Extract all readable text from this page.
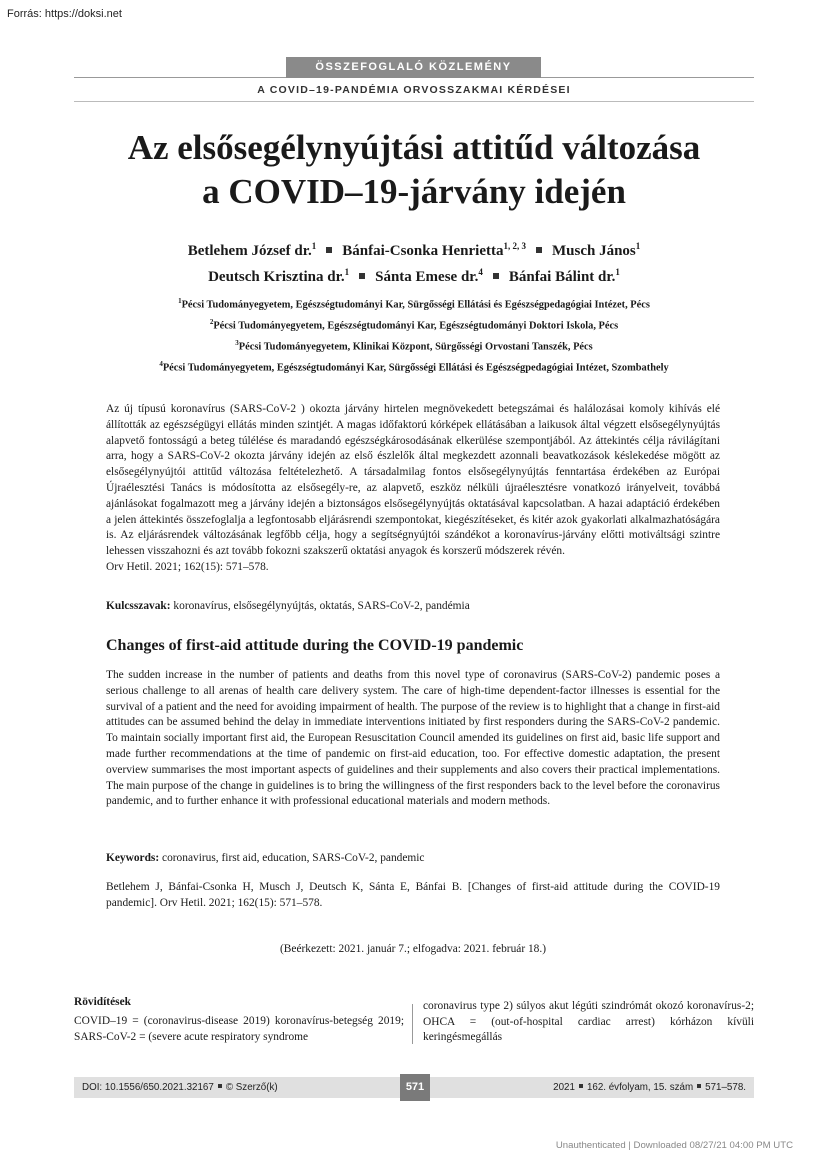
Forrás: https://doksi.net
ÖSSZEFOGLALÓ KÖZLEMÉNY
A COVID–19-PANDÉMIA ORVOSSZAKMAI KÉRDÉSEI
Az elsősegélynyújtási attitűd változása
a COVID–19-járvány idején
Betlehem József dr.$^1$ Bánfai-Csonka Henrietta$^{1, 2, 3}$ Musch János$^1$
Deutsch Krisztina dr.$^1$ Sánta Emese dr.$^4$ Bánfai Bálint dr.$^1$
$^1$Pécsi Tudományegyetem, Egészségtudományi Kar, Sürgősségi Ellátási és Egészségpedagógiai Intézet, Pécs
$^2$Pécsi Tudományegyetem, Egészségtudományi Kar, Egészségtudományi Doktori Iskola, Pécs
$^3$Pécsi Tudományegyetem, Klinikai Központ, Sürgősségi Orvostani Tanszék, Pécs
$^4$Pécsi Tudományegyetem, Egészségtudományi Kar, Sürgősségi Ellátási és Egészségpedagógiai Intézet, Szombathely

Az új típusú koronavírus (SARS-CoV-2 ) okozta járvány hirtelen megnövekedett betegszámai és halálozásai komoly kihívás elé állították az egészségügyi ellátás minden szintjét. A magas időfaktorú kórképek ellátásában a laikusok által végzett elsősegélynyújtás alapvető fontosságú a beteg túlélése és maradandó egészségkárosodásának elkerülése szempontjából. Az áttekintés célja rávilágítani arra, hogy a SARS-CoV-2 okozta járvány idején az első észlelők által megkezdett azonnali beavatkozások késlekedése mögött az elsősegélynyújtói attitűd változása feltételezhető. A társadalmilag fontos elsősegélynyújtás fenntartása érdekében az Európai Újraélesztési Tanács is módosította az elsősegély-re, az alapvető, eszköz nélküli újraélesztésre vonatkozó irányelveit, továbbá ajánlásokat fogalmazott meg a járvány idején a biztonságos elsősegélynyújtás oktatásával kapcsolatban. A hazai adaptáció érdekében a jelen áttekintés összefoglalja a legfontosabb eljárásrendi szempontokat, kiegészítéseket, és kitér azok gyakorlati alkalmazhatóságára is. Az eljárásrendek változásának legfőbb célja, hogy a segítségnyújtói szándékot a koronavírus-járvány előtti motiváltsági szintre lehessen visszahozni és azt tovább fokozni szakszerű oktatási anyagok és korszerű módszerek révén.

Orv Hetil. 2021; 162(15): 571–578.

Kulcsszavak: koronavírus, elsősegélynyújtás, oktatás, SARS-CoV-2, pandémia
Changes of first-aid attitude during the COVID-19 pandemic
The sudden increase in the number of patients and deaths from this novel type of coronavirus (SARS-CoV-2) pandemic poses a serious challenge to all arenas of health care delivery system. The care of high-time dependent-factor illnesses is essential for the survival of a patient and the need for avoiding impairment of health. The purpose of the review is to highlight that a change in first-aid attitudes can be assumed behind the delay in immediate interventions initiated by first responders during the SARS-CoV-2 pandemic. To maintain socially important first aid, the European Resuscitation Council amended its guidelines on first aid, basic life support and made further recommendations at the time of pandemic on first-aid education, too. For effective domestic adaptation, the present overview summarises the most important aspects of guidelines and their supplements and also covers their practical implementations. The main purpose of the change in guidelines is to bring the willingness of the first responders back to the level before the coronavirus pandemic, and to further enhance it with professional educational materials and modern methods.
Keywords: coronavirus, first aid, education, SARS-CoV-2, pandemic
Betlehem J, Bánfai-Csonka H, Musch J, Deutsch K, Sánta E, Bánfai B. [Changes of first-aid attitude during the COVID-19 pandemic]. Orv Hetil. 2021; 162(15): 571–578.
(Beérkezett: 2021. január 7.; elfogadva: 2021. február 18.)
Rövidítések
COVID–19 = (coronavirus-disease 2019) koronavírus-betegség 2019; SARS-CoV-2 = (severe acute respiratory syndrome
coronavirus type 2) súlyos akut légúti szindrómát okozó koronavírus-2; OHCA = (out-of-hospital cardiac arrest) kórházon kívüli keringésmegállás
DOI: 10.1556/650.2021.32167 © Szerző(k)	571	2021 162. évfolyam, 15. szám 571–578.
Unauthenticated | Downloaded 08/27/21 04:00 PM UTC
